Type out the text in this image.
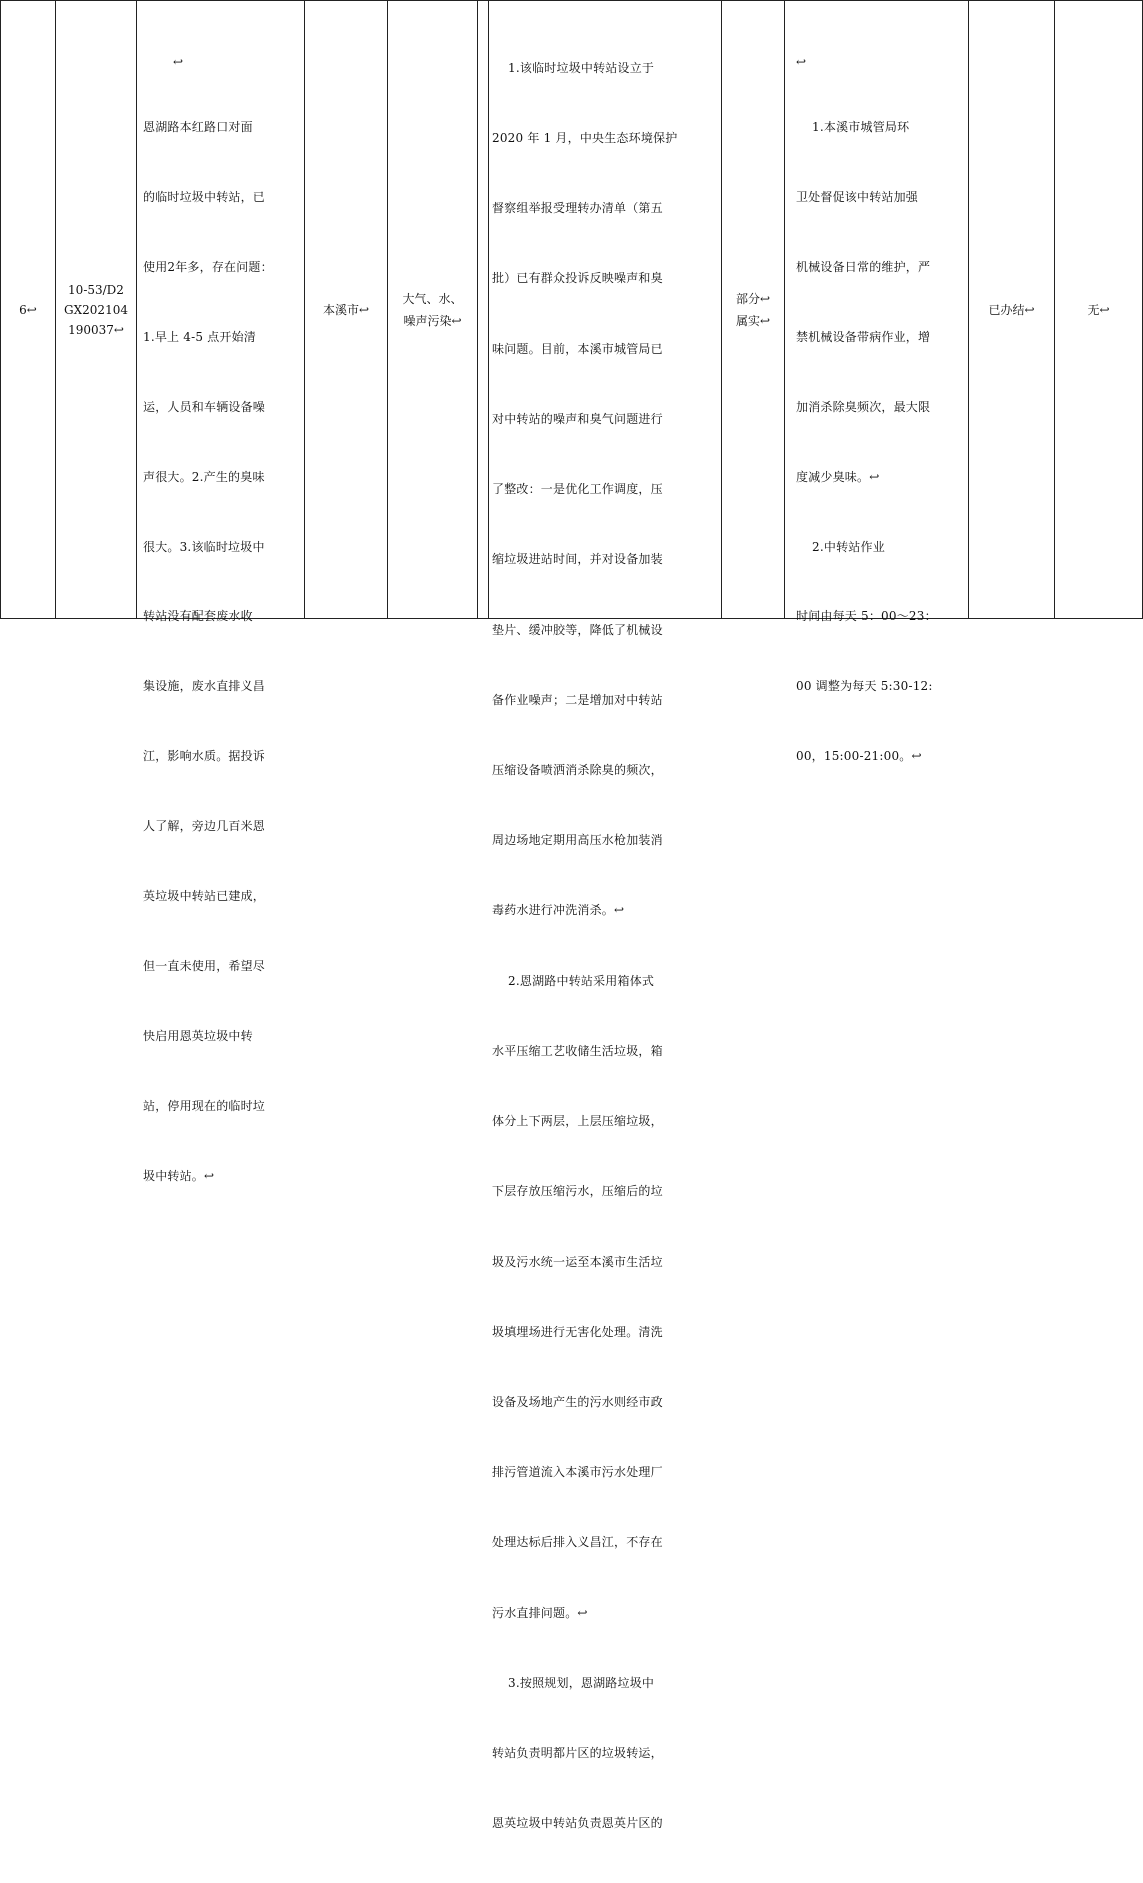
6↩
10-53/D2
GX202104
190037↩

↩

恩湖路本红路口对面

的临时垃圾中转站，已

使用2年多，存在问题：

1.早上 4-5 点开始清

运，人员和车辆设备噪

声很大。2.产生的臭味

很大。3.该临时垃圾中

转站没有配套废水收

集设施，废水直排义昌

江，影响水质。据投诉

人了解，旁边几百米恩

英垃圾中转站已建成，

但一直未使用，希望尽

快启用恩英垃圾中转

站，停用现在的临时垃

圾中转站。↩

本溪市↩
大气、水、
噪声污染↩

1.该临时垃圾中转站设立于

2020 年 1 月，中央生态环境保护

督察组举报受理转办清单（第五

批）已有群众投诉反映噪声和臭

味问题。目前，本溪市城管局已

对中转站的噪声和臭气问题进行

了整改：一是优化工作调度，压

缩垃圾进站时间，并对设备加装

垫片、缓冲胶等，降低了机械设

备作业噪声；二是增加对中转站

压缩设备喷洒消杀除臭的频次，

周边场地定期用高压水枪加装消

毒药水进行冲洗消杀。↩

2.恩湖路中转站采用箱体式

水平压缩工艺收储生活垃圾，箱

体分上下两层，上层压缩垃圾，

下层存放压缩污水，压缩后的垃

圾及污水统一运至本溪市生活垃

圾填埋场进行无害化处理。清洗

设备及场地产生的污水则经市政

排污管道流入本溪市污水处理厂

处理达标后排入义昌江，不存在

污水直排问题。↩

3.按照规划，恩湖路垃圾中

转站负责明都片区的垃圾转运，

恩英垃圾中转站负责恩英片区的

部分↩
属实↩

↩

1.本溪市城管局环

卫处督促该中转站加强

机械设备日常的维护，严

禁机械设备带病作业，增

加消杀除臭频次，最大限

度减少臭味。↩

2.中转站作业

时间由每天 5：00～23：

00 调整为每天 5:30-12:

00，15:00-21:00。↩

已办结↩	无↩
